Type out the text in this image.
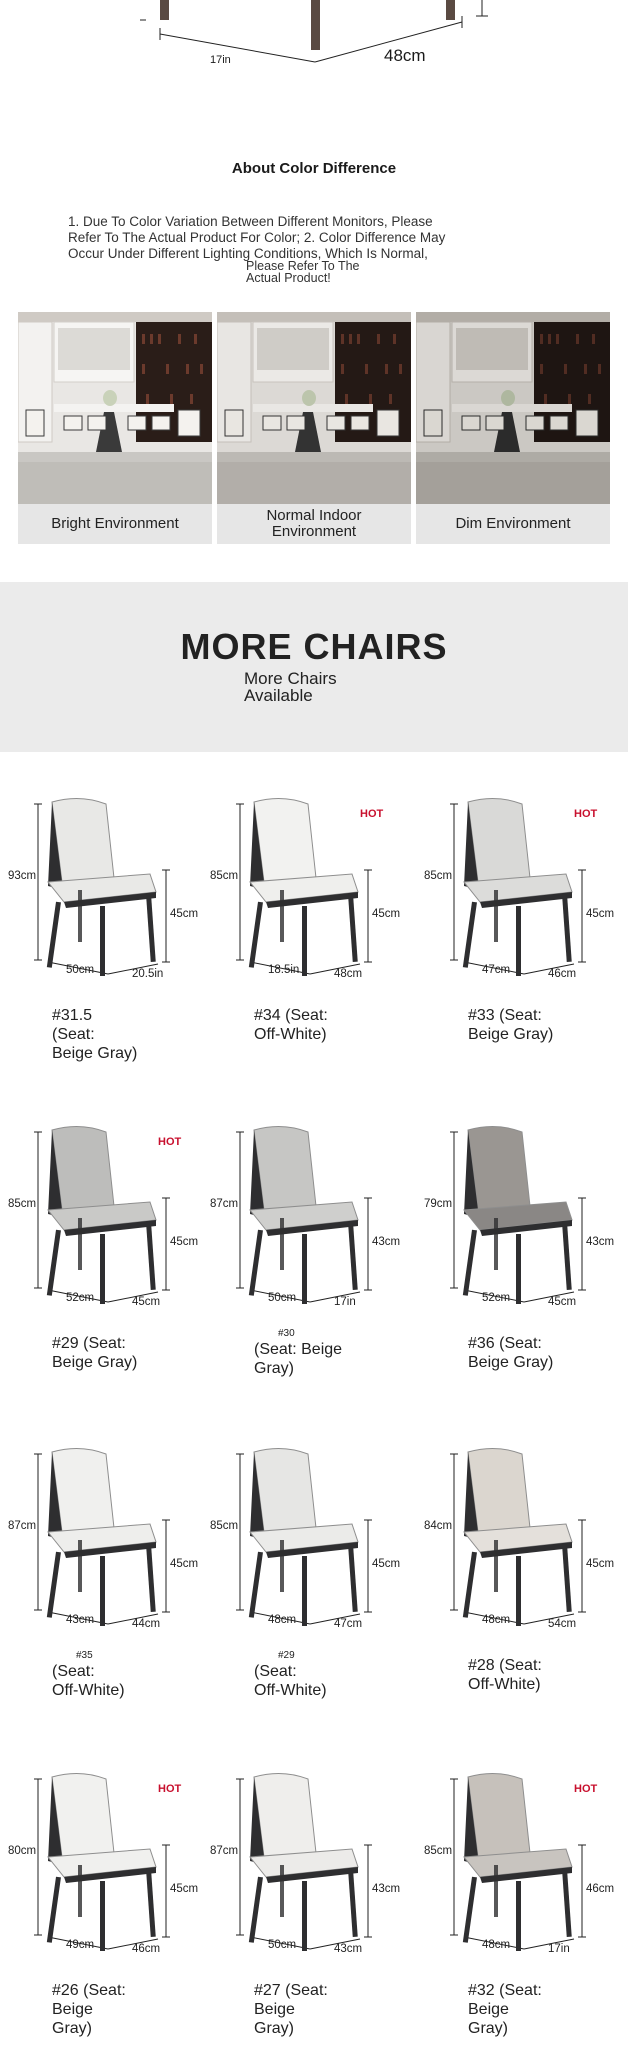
17in	48cm
About Color Difference
1. Due To Color Variation Between Different Monitors, Please
Refer To The Actual Product For Color; 2. Color Difference May
Occur Under Different Lighting Conditions, Which Is Normal,
Please Refer To The
Actual Product!
Bright Environment	Normal Indoor
Environment	Dim Environment

MORE CHAIRS
More Chairs
Available
93cm
45cm
50cm	20.5in
#31.5
(Seat:
Beige Gray)
HOT
85cm
45cm
18.5in	48cm
#34 (Seat:
Off-White)

HOT
85cm
45cm
47cm	46cm
#33 (Seat:
Beige Gray)

HOT
85cm
45cm
52cm	45cm
#29 (Seat:
Beige Gray)

87cm
43cm
50cm	17in
#30
(Seat: Beige
Gray)

79cm
43cm
52cm	45cm
#36 (Seat:
Beige Gray)

87cm
45cm
43cm	44cm
#35
(Seat:
Off-White)

85cm
45cm
48cm	47cm
#29
(Seat:
Off-White)

84cm
45cm
48cm	54cm
#28 (Seat:
Off-White)

HOT
80cm
45cm
49cm	46cm
#26 (Seat:
Beige
Gray)
87cm
43cm
50cm	43cm
#27 (Seat:
Beige
Gray)
HOT
85cm
46cm
48cm	17in
#32 (Seat:
Beige
Gray)
